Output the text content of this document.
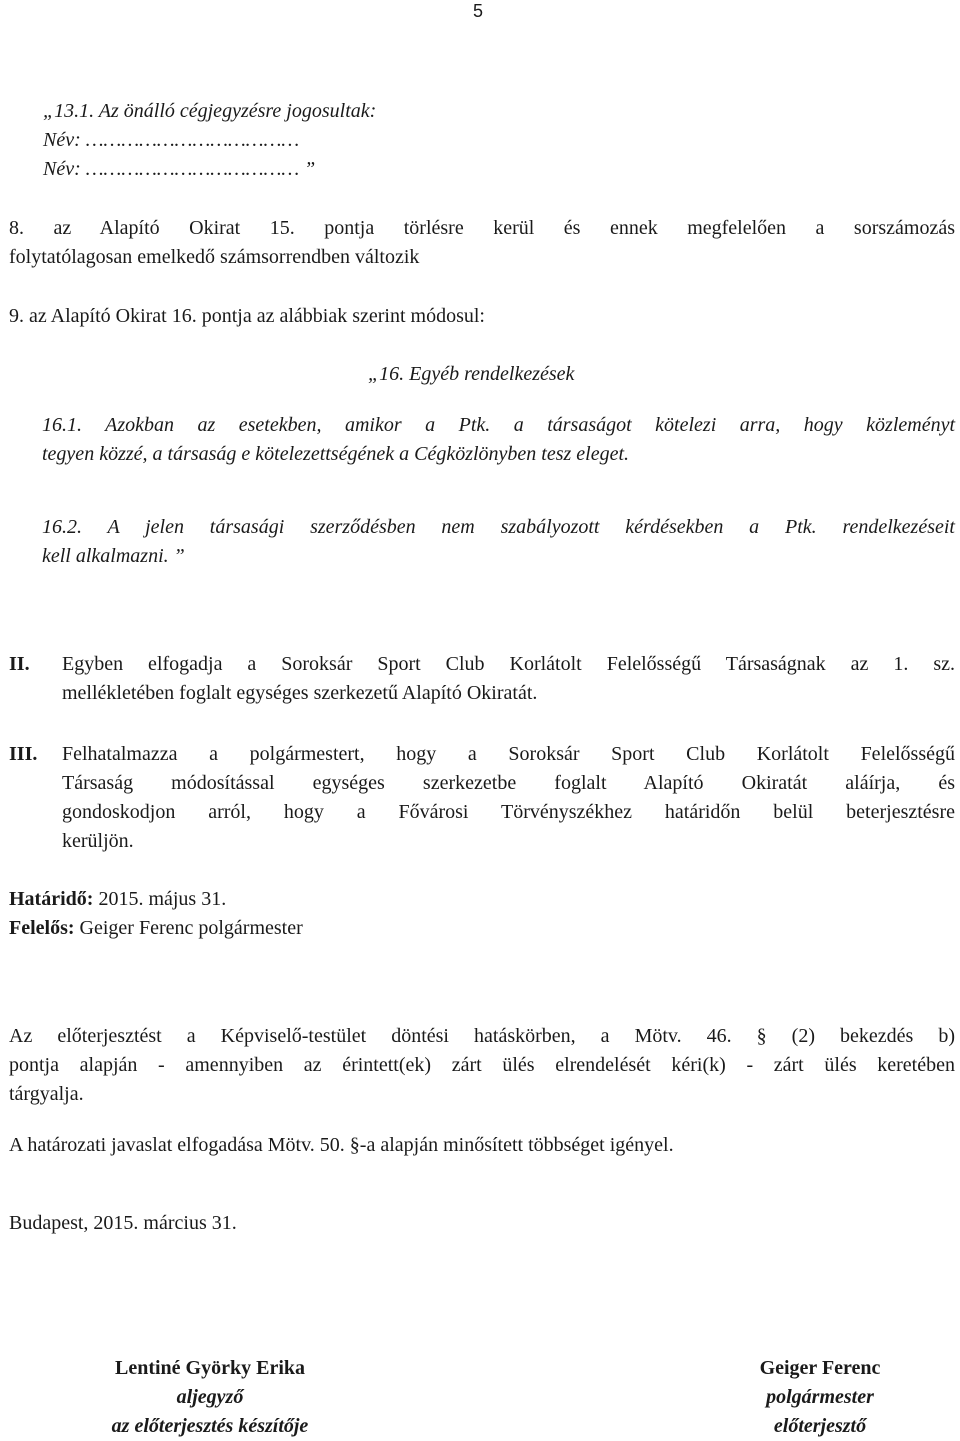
5
„13.1. Az önálló cégjegyzésre jogosultak:
Név: ………………………………
Név: ……………………………… ”
8. az Alapító Okirat 15. pontja törlésre kerül és ennek megfelelően a sorszámozás
folytatólagosan emelkedő számsorrendben változik
9. az Alapító Okirat 16. pontja az alábbiak szerint módosul:
„16. Egyéb rendelkezések
16.1. Azokban az esetekben, amikor a Ptk. a társaságot kötelezi arra, hogy közleményt
tegyen közzé, a társaság e kötelezettségének a Cégközlönyben tesz eleget.
16.2. A jelen társasági szerződésben nem szabályozott kérdésekben a Ptk. rendelkezéseit
kell alkalmazni. ”
II. Egyben elfogadja a Soroksár Sport Club Korlátolt Felelősségű Társaságnak az 1. sz.
mellékletében foglalt egységes szerkezetű Alapító Okiratát.
III. Felhatalmazza a polgármestert, hogy a Soroksár Sport Club Korlátolt Felelősségű
Társaság módosítással egységes szerkezetbe foglalt Alapító Okiratát aláírja, és
gondoskodjon arról, hogy a Fővárosi Törvényszékhez határidőn belül beterjesztésre
kerüljön.
Határidő: 2015. május 31.
Felelős: Geiger Ferenc polgármester
Az előterjesztést a Képviselő-testület döntési hatáskörben, a Mötv. 46. § (2) bekezdés b)
pontja alapján - amennyiben az érintett(ek) zárt ülés elrendelését kéri(k) - zárt ülés keretében
tárgyalja.
A határozati javaslat elfogadása Mötv. 50. §-a alapján minősített többséget igényel.
Budapest, 2015. március 31.
Lentiné Györky Erika
aljegyző
az előterjesztés készítője
Geiger Ferenc
polgármester
előterjesztő
